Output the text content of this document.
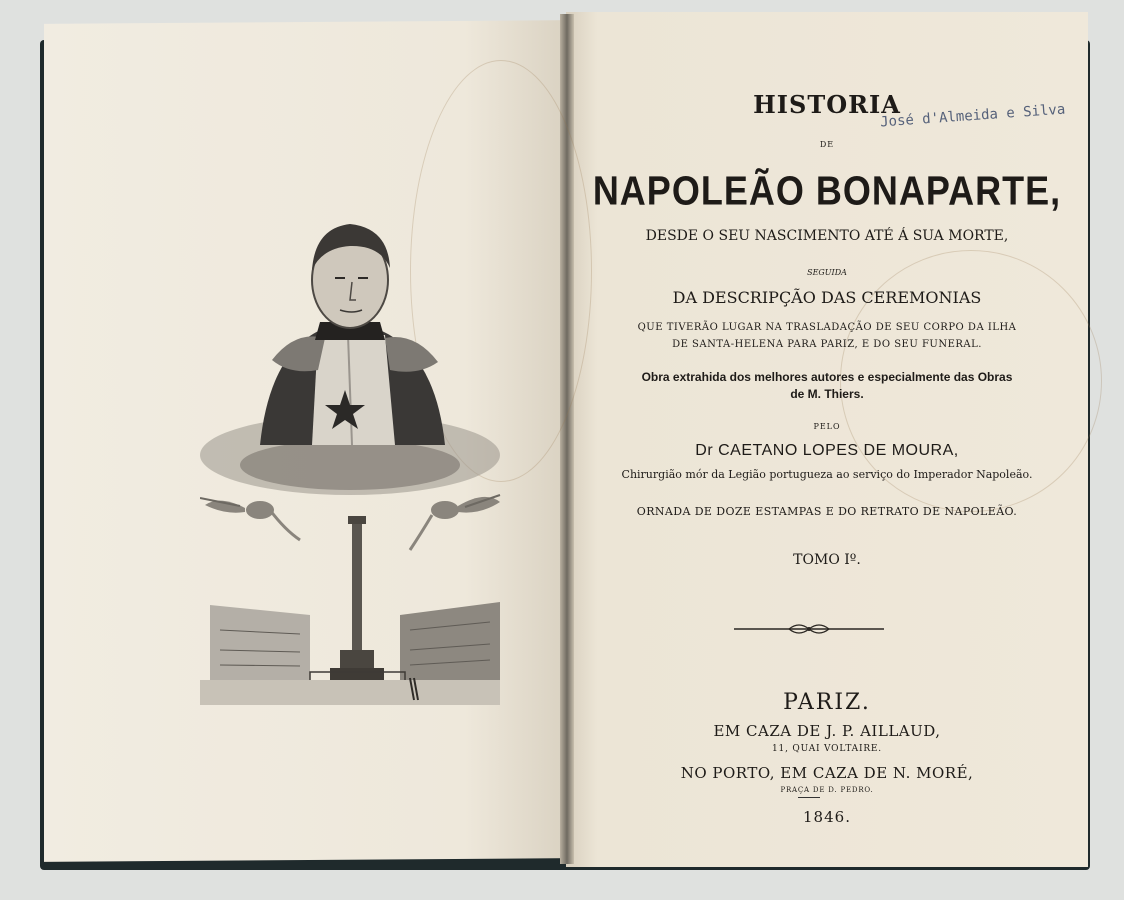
HISTORIA
DE
NAPOLEÃO BONAPARTE,
DESDE O SEU NASCIMENTO ATÉ Á SUA MORTE,
SEGUIDA
DA DESCRIPÇÃO DAS CEREMONIAS
QUE TIVERÃO LUGAR NA TRASLADAÇÃO DE SEU CORPO DA ILHA
DE SANTA-HELENA PARA PARIZ, E DO SEU FUNERAL.
Obra extrahida dos melhores autores e especialmente das Obras
de M. Thiers.
PELO
Dr CAETANO LOPES DE MOURA,
Chirurgião mór da Legião portugueza ao serviço do Imperador Napoleão.
ORNADA DE DOZE ESTAMPAS E DO RETRATO DE NAPOLEÃO.
TOMO Iº.
PARIZ.
EM CAZA DE J. P. AILLAUD,
11, QUAI VOLTAIRE.
NO PORTO, EM CAZA DE N. MORÉ,
PRAÇA DE D. PEDRO.
1846.
José d'Almeida e Silva
